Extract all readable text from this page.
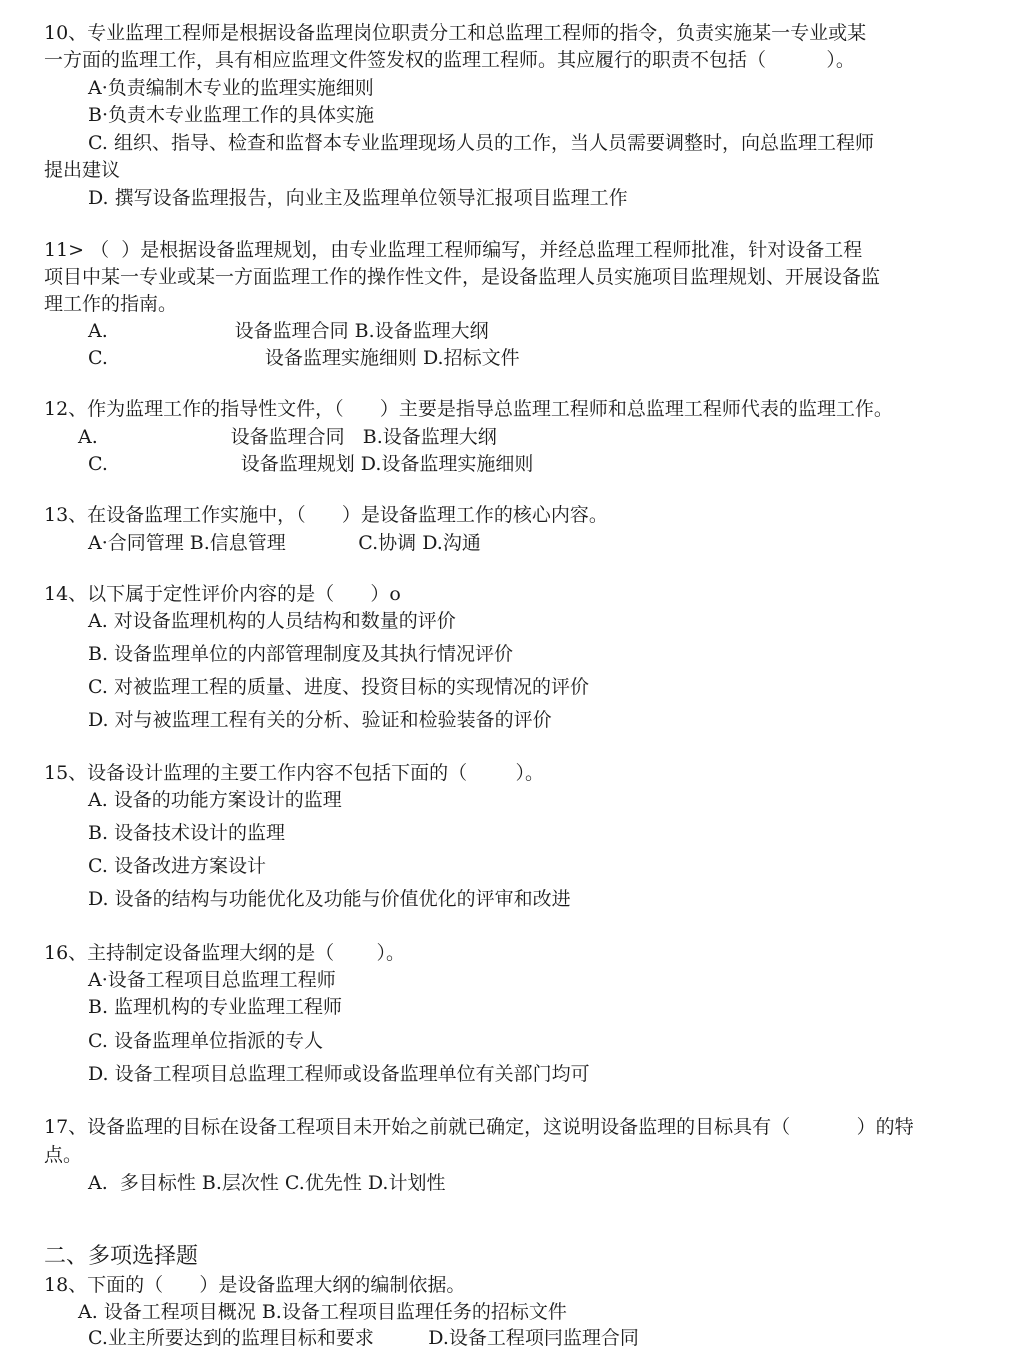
10、专业监理工程师是根据设备监理岗位职责分工和总监理工程师的指令，负责实施某一专业或某
一方面的监理工作，具有相应监理文件签发权的监理工程师。其应履行的职责不包括（          ）。
A·负责编制木专业的监理实施细则
B·负责木专业监理工作的具体实施
C. 组织、指导、检查和监督本专业监理现场人员的工作，当人员需要调整时，向总监理工程师
提出建议
D. 撰写设备监理报告，向业主及监理单位领导汇报项目监理工作
11> （  ）是根据设备监理规划，由专业监理工程师编写，并经总监理工程师批准，针对设备工程
项目中某一专业或某一方面监理工作的操作性文件，是设备监理人员实施项目监理规划、开展设备监
理工作的指南。
A.                     设备监理合同 B.设备监理大纲
C.                          设备监理实施细则 D.招标文件
12、作为监理工作的指导性文件，（      ）主要是指导总监理工程师和总监理工程师代表的监理工作。
A.                      设备监理合同   B.设备监理大纲
C.                      设备监理规划 D.设备监理实施细则
13、在设备监理工作实施中，（      ）是设备监理工作的核心内容。
A·合同管理 B.信息管理            C.协调 D.沟通
14、以下属于定性评价内容的是（      ）o
A. 对设备监理机构的人员结构和数量的评价
B. 设备监理单位的内部管理制度及其执行情况评价
C. 对被监理工程的质量、进度、投资目标的实现情况的评价
D. 对与被监理工程有关的分析、验证和检验装备的评价
15、设备设计监理的主要工作内容不包括下面的（        ）。
A. 设备的功能方案设计的监理
B. 设备技术设计的监理
C. 设备改进方案设计
D. 设备的结构与功能优化及功能与价值优化的评审和改进
16、主持制定设备监理大纲的是（       ）。
A·设备工程项目总监理工程师
B. 监理机构的专业监理工程师
C. 设备监理单位指派的专人
D. 设备工程项目总监理工程师或设备监理单位有关部门均可
17、设备监理的目标在设备工程项目未开始之前就已确定，这说明设备监理的目标具有（           ）的特
点。
A.  多目标性 B.层次性 C.优先性 D.计划性
二、多项选择题
18、下面的（      ）是设备监理大纲的编制依据。
A. 设备工程项目概况 B.设备工程项目监理任务的招标文件
C.业主所要达到的监理目标和要求         D.设备工程项冃监理合同
